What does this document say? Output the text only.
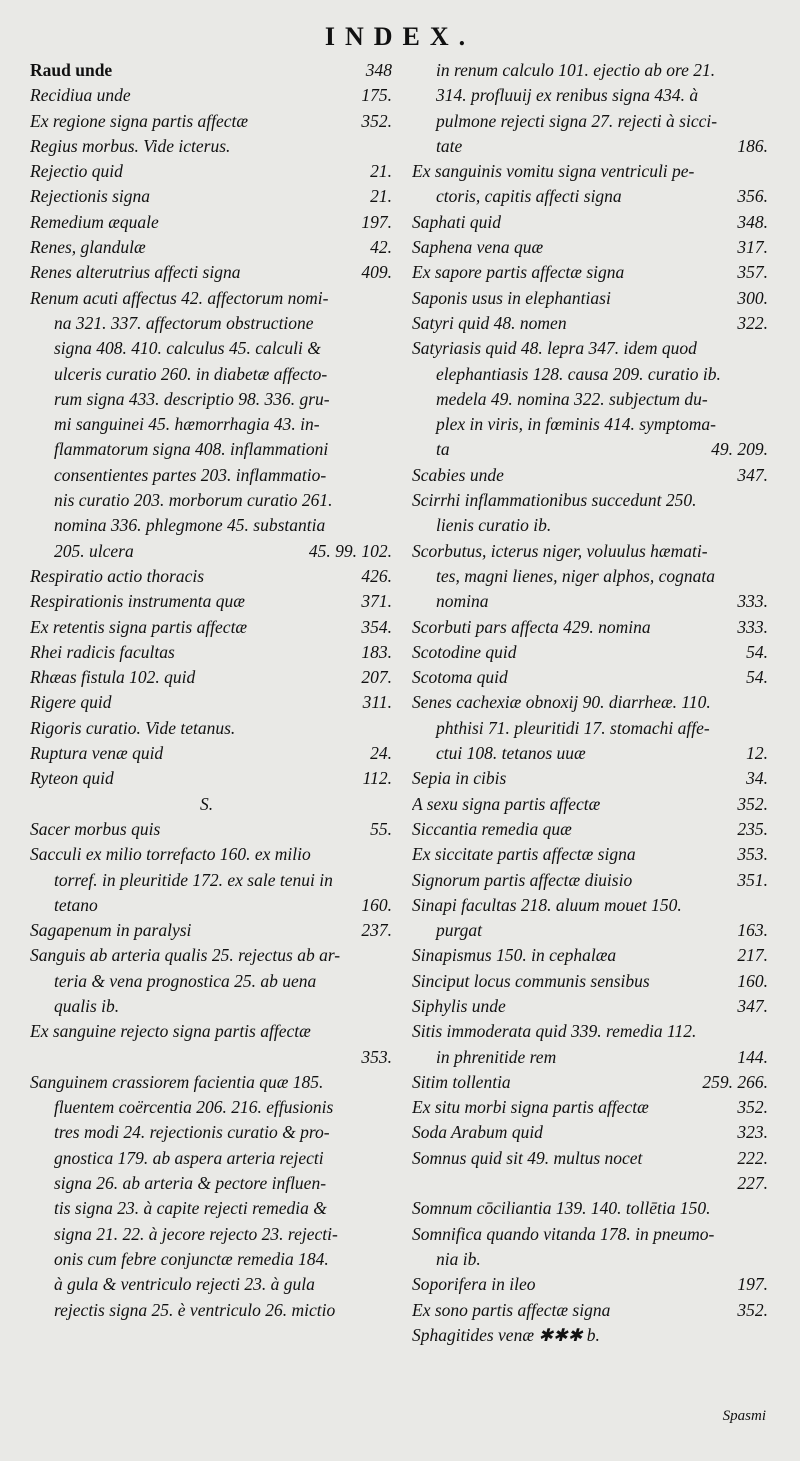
INDEX.
Raud unde	348
Recidiua unde	175.
Ex regione signa partis affectæ	352.
Regius morbus. Vide icterus.
Rejectio quid	21.
Rejectionis signa	21.
Remedium æquale	197.
Renes, glandulæ	42.
Renes alterutrius affecti signa	409.
Renum acuti affectus 42. affectorum nomi-
na 321. 337. affectorum obstructione
signa 408. 410. calculus 45. calculi &
ulceris curatio 260. in diabetæ affecto-
rum signa 433. descriptio 98. 336. gru-
mi sanguinei 45. hæmorrhagia 43. in-
flammatorum signa 408. inflammationi
consentientes partes 203. inflammatio-
nis curatio 203. morborum curatio 261.
nomina 336. phlegmone 45. substantia
205. ulcera	45. 99. 102.
Respiratio actio thoracis	426.
Respirationis instrumenta quæ	371.
Ex retentis signa partis affectæ	354.
Rhei radicis facultas	183.
Rhæas fistula 102. quid	207.
Rigere quid	311.
Rigoris curatio. Vide tetanus.
Ruptura venæ quid	24.
Ryteon quid	112.
S.
Sacer morbus quis	55.
Sacculi ex milio torrefacto 160. ex milio
torref. in pleuritide 172. ex sale tenui in
tetano	160.
Sagapenum in paralysi	237.
Sanguis ab arteria qualis 25. rejectus ab ar-
teria & vena prognostica 25. ab uena
qualis ib.
Ex sanguine rejecto signa partis affectæ
353.
Sanguinem crassiorem facientia quæ 185.
fluentem coërcentia 206. 216. effusionis
tres modi 24. rejectionis curatio & pro-
gnostica 179. ab aspera arteria rejecti
signa 26. ab arteria & pectore influen-
tis signa 23. à capite rejecti remedia &
signa 21. 22. à jecore rejecto 23. rejecti-
onis cum febre conjunctæ remedia 184.
à gula & ventriculo rejecti 23. à gula
rejectis signa 25. è ventriculo 26. mictio
in renum calculo 101. ejectio ab ore 21.
314. profluuij ex renibus signa 434. à
pulmone rejecti signa 27. rejecti à sicci-
tate	186.
Ex sanguinis vomitu signa ventriculi pe-
ctoris, capitis affecti signa	356.
Saphati quid	348.
Saphena vena quæ	317.
Ex sapore partis affectæ signa	357.
Saponis usus in elephantiasi	300.
Satyri quid 48. nomen	322.
Satyriasis quid 48. lepra 347. idem quod
elephantiasis 128. causa 209. curatio ib.
medela 49. nomina 322. subjectum du-
plex in viris, in fœminis 414. symptoma-
ta	49. 209.
Scabies unde	347.
Scirrhi inflammationibus succedunt 250.
lienis curatio ib.
Scorbutus, icterus niger, voluulus hæmati-
tes, magni lienes, niger alphos, cognata
nomina	333.
Scorbuti pars affecta 429. nomina	333.
Scotodine quid	54.
Scotoma quid	54.
Senes cachexiæ obnoxij 90. diarrheæ. 110.
phthisi 71. pleuritidi 17. stomachi affe-
ctui 108. tetanos uuæ	12.
Sepia in cibis	34.
A sexu signa partis affectæ	352.
Siccantia remedia quæ	235.
Ex siccitate partis affectæ signa	353.
Signorum partis affectæ diuisio	351.
Sinapi facultas 218. aluum mouet 150.
purgat	163.
Sinapismus 150. in cephalæa	217.
Sinciput locus communis sensibus	160.
Siphylis unde	347.
Sitis immoderata quid 339. remedia 112.
in phrenitide rem	144.
Sitim tollentia	259. 266.
Ex situ morbi signa partis affectæ	352.
Soda Arabum quid	323.
Somnus quid sit 49. multus nocet	222.
227.
Somnum cōciliantia 139. 140. tollētia 150.
Somnifica quando vitanda 178. in pneumo-
nia ib.
Soporifera in ileo	197.
Ex sono partis affectæ signa	352.
Sphagitides venæ ✱✱✱ b.
Spasmi
